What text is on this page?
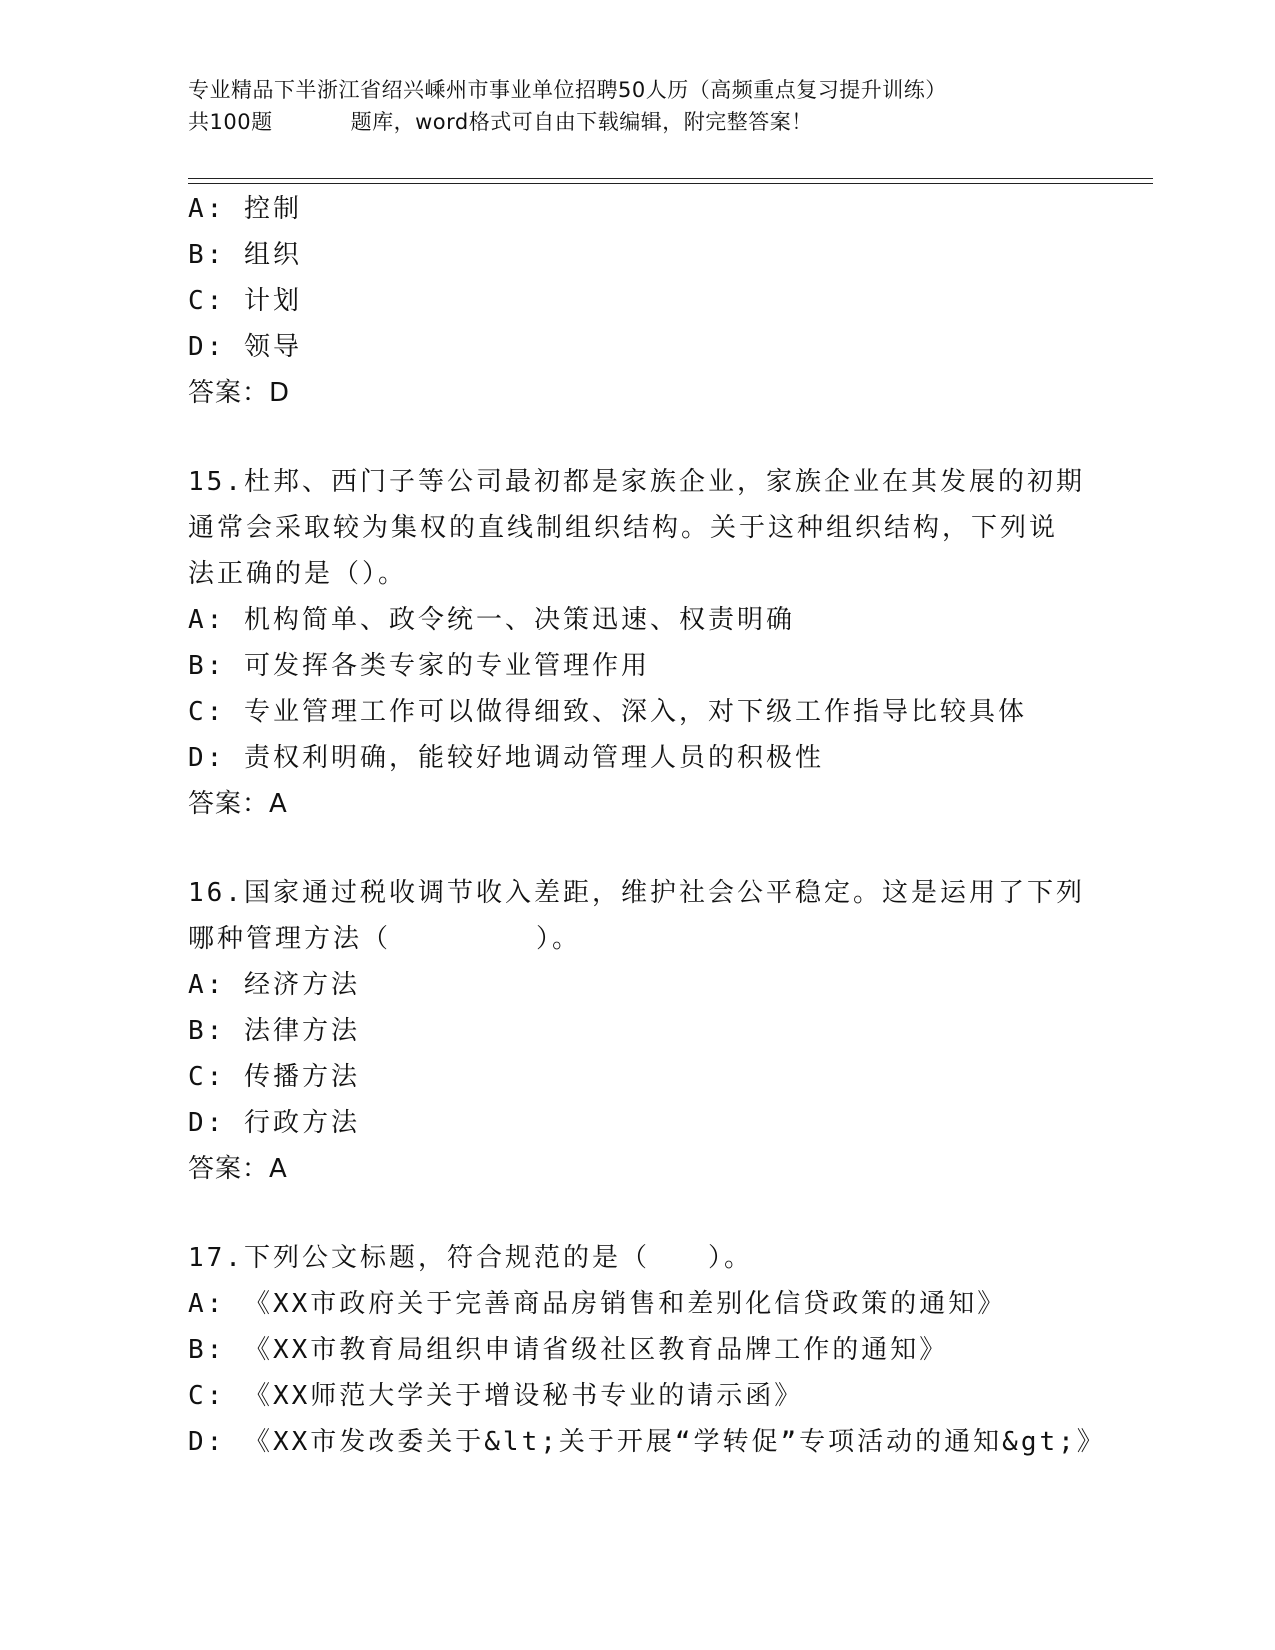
专业精品下半浙江省绍兴嵊州市事业单位招聘50人历（高频重点复习提升训练）
共100题	题库，word格式可自由下载编辑，附完整答案！
A: 控制
B: 组织
C: 计划
D: 领导
答案：D
15.杜邦、西门子等公司最初都是家族企业，家族企业在其发展的初期
通常会采取较为集权的直线制组织结构。关于这种组织结构，下列说
法正确的是（）。
A: 机构简单、政令统一、决策迅速、权责明确
B: 可发挥各类专家的专业管理作用
C: 专业管理工作可以做得细致、深入，对下级工作指导比较具体
D: 责权利明确，能较好地调动管理人员的积极性
答案：A
16.国家通过税收调节收入差距，维护社会公平稳定。这是运用了下列
哪种管理方法（　　　　　）。
A: 经济方法
B: 法律方法
C: 传播方法
D: 行政方法
答案：A
17.下列公文标题，符合规范的是（　　）。
A: 《XX市政府关于完善商品房销售和差别化信贷政策的通知》
B: 《XX市教育局组织申请省级社区教育品牌工作的通知》
C: 《XX师范大学关于增设秘书专业的请示函》
D: 《XX市发改委关于&lt;关于开展“学转促”专项活动的通知&gt;》
